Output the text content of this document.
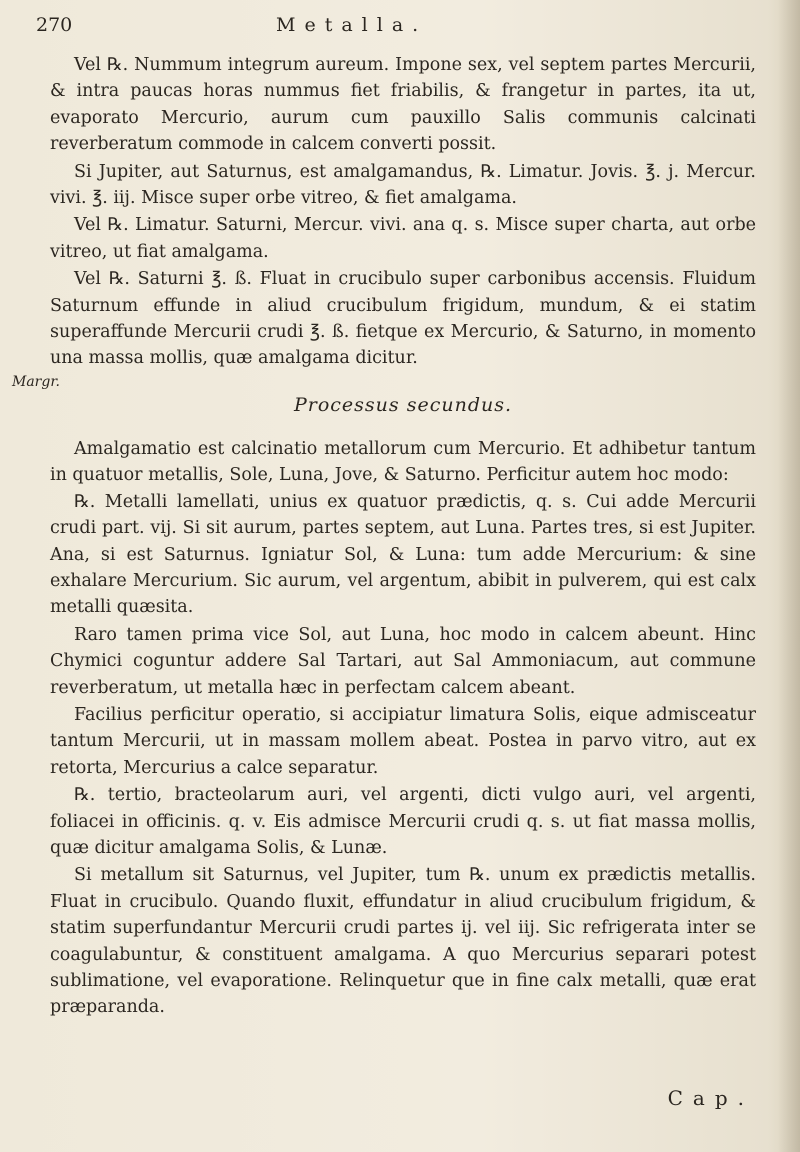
270	Metalla.
Margr.

Vel ℞. Nummum integrum aureum. Impone sex, vel septem partes Mercurii, & intra paucas horas nummus fiet friabilis, & frangetur in partes, ita ut, evaporato Mercurio, aurum cum pauxillo Salis communis calcinati reverberatum commode in calcem converti possit.

Si Jupiter, aut Saturnus, est amalgamandus, ℞. Limatur. Jovis. ℥. j. Mercur. vivi. ℥. iij. Misce super orbe vitreo, & fiet amalgama.

Vel ℞. Limatur. Saturni, Mercur. vivi. ana q. s. Misce super charta, aut orbe vitreo, ut fiat amalgama.

Vel ℞. Saturni ℥. ß. Fluat in crucibulo super carbonibus accensis. Fluidum Saturnum effunde in aliud crucibulum frigidum, mundum, & ei statim superaffunde Mercurii crudi ℥. ß. fietque ex Mercurio, & Saturno, in momento una massa mollis, quæ amalgama dicitur.

Processus secundus.

Amalgamatio est calcinatio metallorum cum Mercurio. Et adhibetur tantum in quatuor metallis, Sole, Luna, Jove, & Saturno. Perficitur autem hoc modo:

℞. Metalli lamellati, unius ex quatuor prædictis, q. s. Cui adde Mercurii crudi part. vij. Si sit aurum, partes septem, aut Luna. Partes tres, si est Jupiter. Ana, si est Saturnus. Igniatur Sol, & Luna: tum adde Mercurium: & sine exhalare Mercurium. Sic aurum, vel argentum, abibit in pulverem, qui est calx metalli quæsita.

Raro tamen prima vice Sol, aut Luna, hoc modo in calcem abeunt. Hinc Chymici coguntur addere Sal Tartari, aut Sal Ammoniacum, aut commune reverberatum, ut metalla hæc in perfectam calcem abeant.

Facilius perficitur operatio, si accipiatur limatura Solis, eique admisceatur tantum Mercurii, ut in massam mollem abeat. Postea in parvo vitro, aut ex retorta, Mercurius a calce separatur.

℞. tertio, bracteolarum auri, vel argenti, dicti vulgo auri, vel argenti, foliacei in officinis. q. v. Eis admisce Mercurii crudi q. s. ut fiat massa mollis, quæ dicitur amalgama Solis, & Lunæ.

Si metallum sit Saturnus, vel Jupiter, tum ℞. unum ex prædictis metallis. Fluat in crucibulo. Quando fluxit, effundatur in aliud crucibulum frigidum, & statim superfundantur Mercurii crudi partes ij. vel iij. Sic refrigerata inter se coagulabuntur, & constituent amalgama. A quo Mercurius separari potest sublimatione, vel evaporatione. Relinquetur que in fine calx metalli, quæ erat præparanda.

Cap.
